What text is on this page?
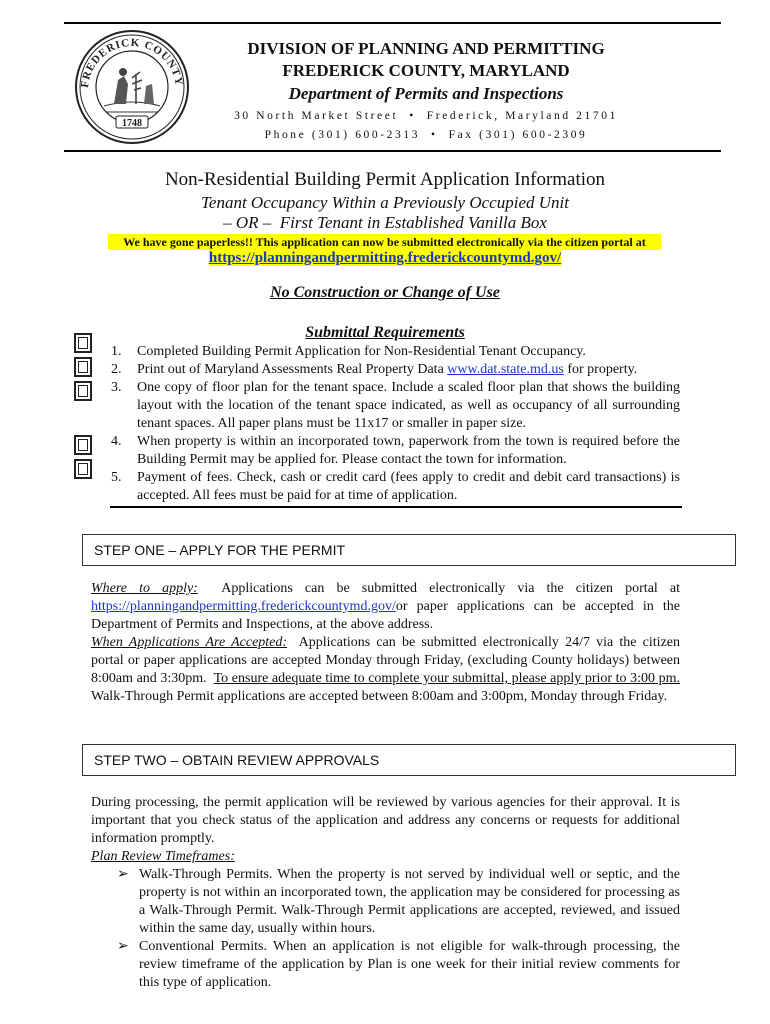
FREDERICK COUNTY
1748
DIVISION OF PLANNING AND PERMITTING
FREDERICK COUNTY, MARYLAND
Department of Permits and Inspections
30 North Market Street  •  Frederick, Maryland 21701
Phone (301) 600-2313  •  Fax (301) 600-2309
Non-Residential Building Permit Application Information
Tenant Occupancy Within a Previously Occupied Unit
– OR –  First Tenant in Established Vanilla Box
We have gone paperless!! This application can now be submitted electronically via the citizen portal at
https://planningandpermitting.frederickcountymd.gov/
No Construction or Change of Use
Submittal Requirements
1. Completed Building Permit Application for Non-Residential Tenant Occupancy.
2. Print out of Maryland Assessments Real Property Data www.dat.state.md.us for property.
3. One copy of floor plan for the tenant space. Include a scaled floor plan that shows the building layout with the location of the tenant space indicated, as well as occupancy of all surrounding tenant spaces. All paper plans must be 11x17 or smaller in paper size.
4. When property is within an incorporated town, paperwork from the town is required before the Building Permit may be applied for. Please contact the town for information.
5. Payment of fees. Check, cash or credit card (fees apply to credit and debit card transactions) is accepted. All fees must be paid for at time of application.
STEP ONE – APPLY FOR THE PERMIT
Where to apply:  Applications can be submitted electronically via the citizen portal at https://planningandpermitting.frederickcountymd.gov/or paper applications can be accepted in the Department of Permits and Inspections, at the above address.
When Applications Are Accepted:  Applications can be submitted electronically 24/7 via the citizen portal or paper applications are accepted Monday through Friday, (excluding County holidays) between 8:00am and 3:30pm.  To ensure adequate time to complete your submittal, please apply prior to 3:00 pm.  Walk-Through Permit applications are accepted between 8:00am and 3:00pm, Monday through Friday.
STEP TWO – OBTAIN REVIEW APPROVALS
During processing, the permit application will be reviewed by various agencies for their approval. It is important that you check status of the application and address any concerns or requests for additional information promptly.
Plan Review Timeframes:
➢ Walk-Through Permits. When the property is not served by individual well or septic, and the property is not within an incorporated town, the application may be considered for processing as a Walk-Through Permit. Walk-Through Permit applications are accepted, reviewed, and issued within the same day, usually within hours.
➢ Conventional Permits. When an application is not eligible for walk-through processing, the review timeframe of the application by Plan is one week for their initial review comments for this type of application.
